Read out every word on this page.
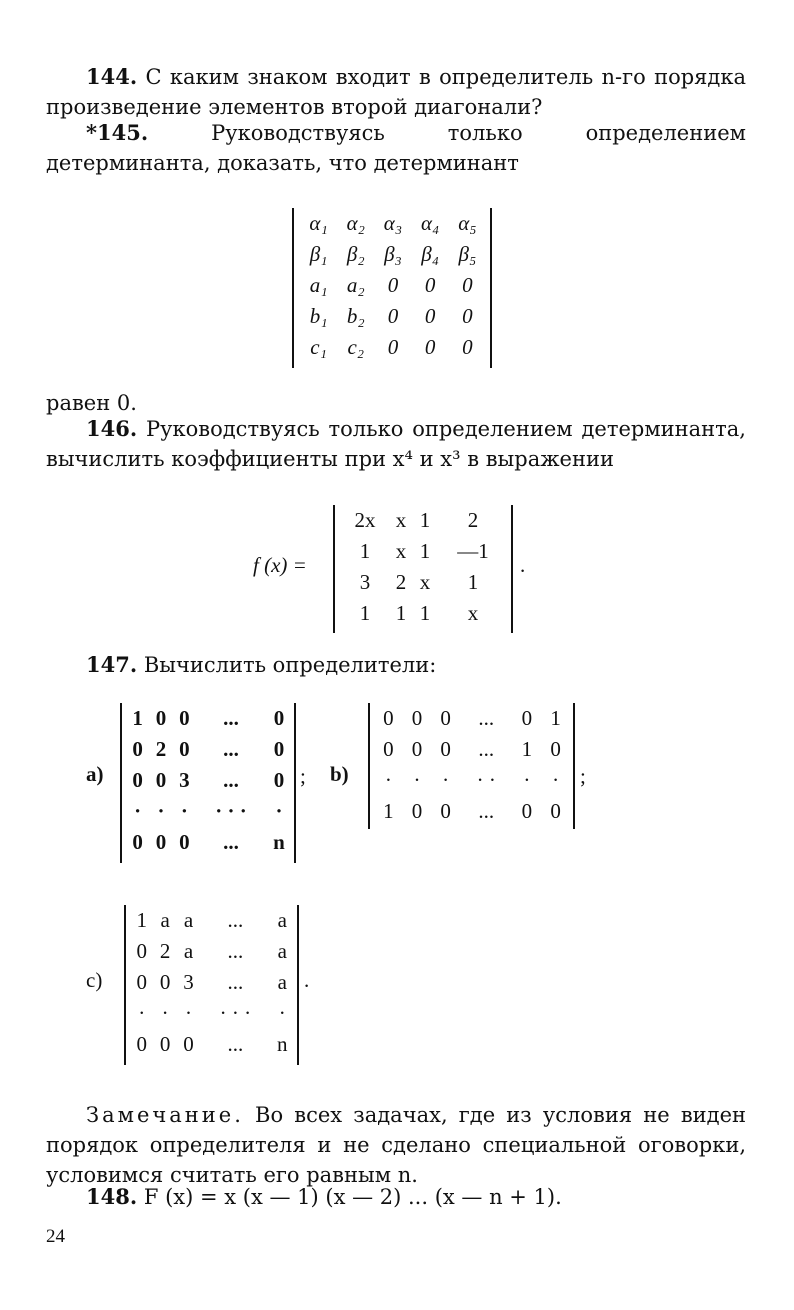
144. С каким знаком входит в определитель n-го порядка произведение элементов второй диагонали?

*145. Руководствуясь только определением детерминанта, доказать, что детерминант

α₁	α₂	α₃	α₄	α₅
β₁	β₂	β₃	β₄	β₅
a₁	a₂	0	0	0
b₁	b₂	0	0	0
c₁	c₂	0	0	0

равен 0.

146. Руководствуясь только определением детерминанта, вычислить коэффициенты при x⁴ и x³ в выражении

f (x) =
2x	x	1	2
1	x	1	—1
3	2	x	1
1	1	1	x
.

147. Вычислить определители:

a)
1	0	0	...	0
0	2	0	...	0
0	0	3	...	0
·	·	·	· · ·	·
0	0	0	...	n
; b)
0	0	0	...	0	1
0	0	0	...	1	0
·	·	·	· ·	·	·
1	0	0	...	0	0
;
c)
1	a	a	...	a
0	2	a	...	a
0	0	3	...	a
·	·	·	· · ·	·
0	0	0	...	n
.

Замечание. Во всех задачах, где из условия не виден порядок определителя и не сделано специальной оговорки, условимся считать его равным n.

148. F (x) = x (x — 1) (x — 2) ... (x — n + 1).

24
